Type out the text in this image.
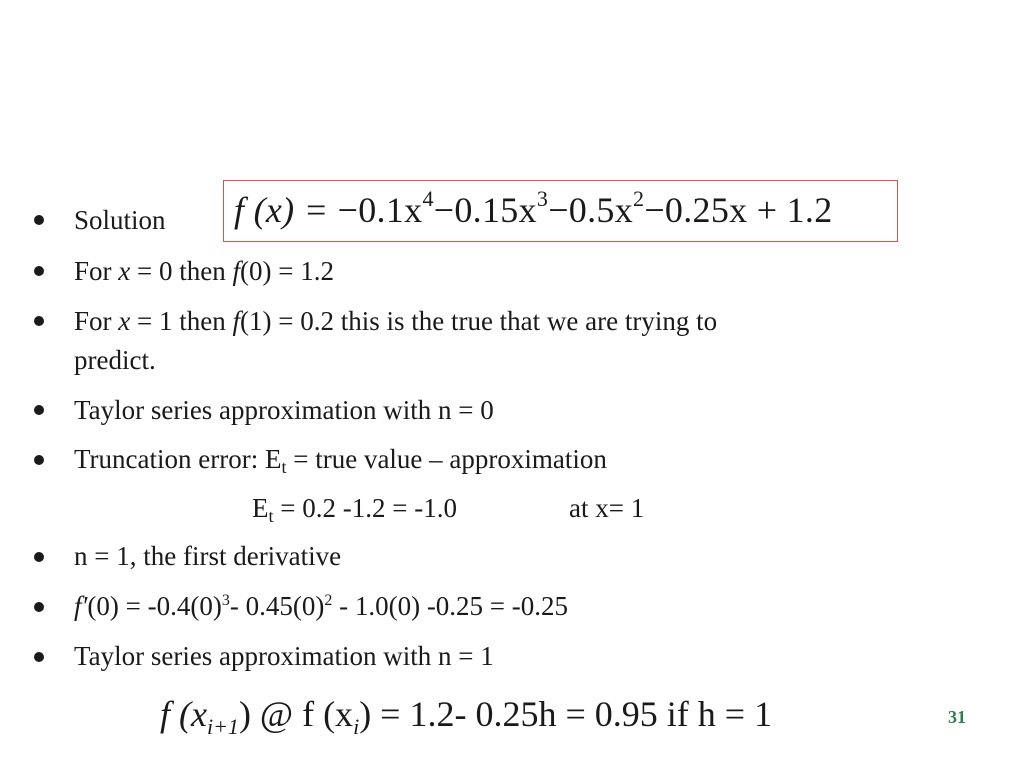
Solution f $(x) = -0.1x^4-0.15x^3-0.5x^2-0.25x + 1.2$
For x = 0 then f(0) = 1.2
For x = 1 then f(1) = 0.2 this is the true that we are trying to
predict.
Taylor series approximation with n = 0
Truncation error: $E_t$ = true value – approximation
$E_t = 0.2$ -1.2 = -1.0	at x= 1
n = 1, the first derivative
$f'(0) = -0.4(0)^3-$ $0.45(0)^2 - 1.0(0) -0.25 = -0.25$
Taylor series approximation with n = 1
f $(x_{i+1})$ @ f $(x_i) = 1.2-$ 0.25h = 0.95 if h = 1	31
